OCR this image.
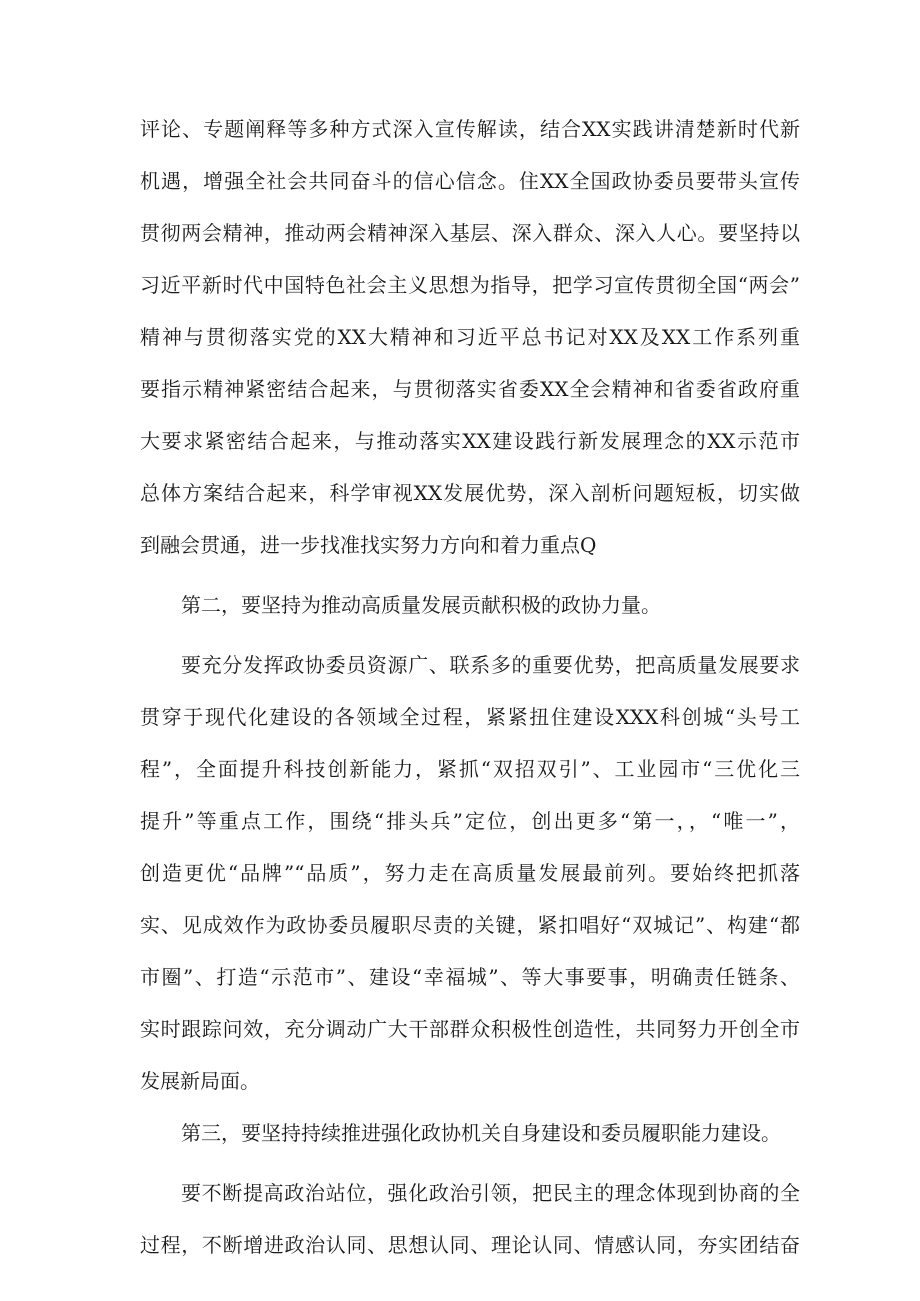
评论、专题阐释等多种方式深入宣传解读，结合XX实践讲清楚新时代新
机遇，增强全社会共同奋斗的信心信念。住XX全国政协委员要带头宣传
贯彻两会精神，推动两会精神深入基层、深入群众、深入人心。要坚持以
习近平新时代中国特色社会主义思想为指导，把学习宣传贯彻全国“两会”
精神与贯彻落实党的XX大精神和习近平总书记对XX及XX工作系列重
要指示精神紧密结合起来，与贯彻落实省委XX全会精神和省委省政府重
大要求紧密结合起来，与推动落实XX建设践行新发展理念的XX示范市
总体方案结合起来，科学审视XX发展优势，深入剖析问题短板，切实做
到融会贯通，进一步找准找实努力方向和着力重点Q
第二，要坚持为推动高质量发展贡献积极的政协力量。
要充分发挥政协委员资源广、联系多的重要优势，把高质量发展要求
贯穿于现代化建设的各领域全过程，紧紧扭住建设XXX科创城“头号工
程”，全面提升科技创新能力，紧抓“双招双引”、工业园市“三优化三
提升”等重点工作，围绕“排头兵”定位，创出更多“第一，，“唯一”，
创造更优“品牌”“品质”，努力走在高质量发展最前列。要始终把抓落
实、见成效作为政协委员履职尽责的关键，紧扣唱好“双城记”、构建“都
市圈”、打造“示范市”、建设“幸福城”、等大事要事，明确责任链条、
实时跟踪问效，充分调动广大干部群众积极性创造性，共同努力开创全市
发展新局面。
第三，要坚持持续推进强化政协机关自身建设和委员履职能力建设。
要不断提高政治站位，强化政治引领，把民主的理念体现到协商的全
过程，不断增进政治认同、思想认同、理论认同、情感认同，夯实团结奋
